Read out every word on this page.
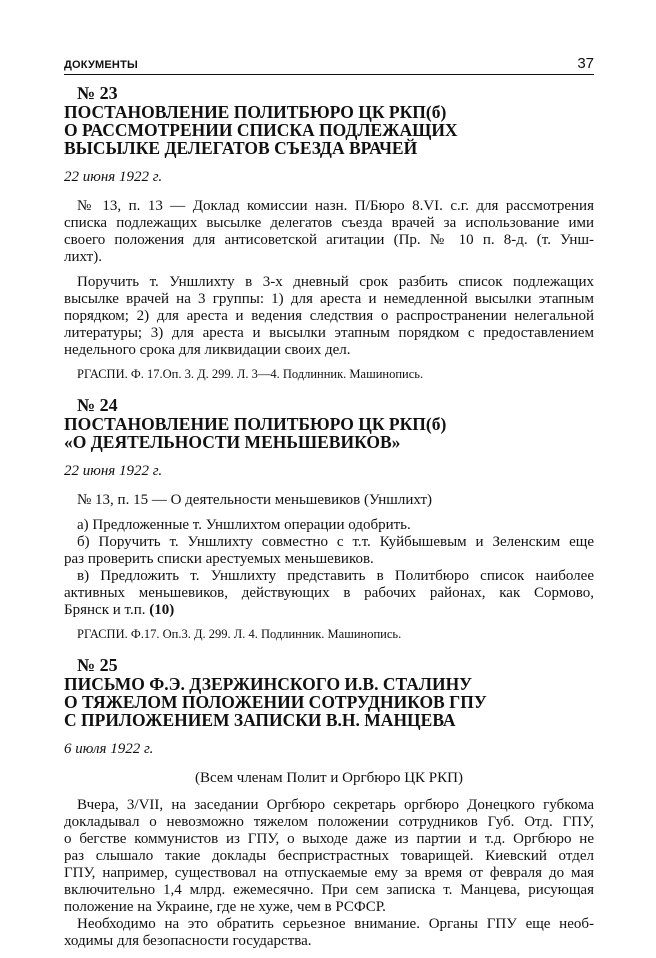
ДОКУМЕНТЫ	37
№ 23
ПОСТАНОВЛЕНИЕ ПОЛИТБЮРО ЦК РКП(б)
О РАССМОТРЕНИИ СПИСКА ПОДЛЕЖАЩИХ
ВЫСЫЛКЕ ДЕЛЕГАТОВ СЪЕЗДА ВРАЧЕЙ
22 июня 1922 г.
№ 13, п. 13 — Доклад комиссии назн. П/Бюро 8.VI. с.г. для рассмотрения
списка подлежащих высылке делегатов съезда врачей за использование ими
своего положения для антисоветской агитации (Пр. № 10 п. 8-д. (т. Унш-
лихт).
Поручить т. Уншлихту в 3-х дневный срок разбить список подлежащих
высылке врачей на 3 группы: 1) для ареста и немедленной высылки этапным
порядком; 2) для ареста и ведения следствия о распространении нелегальной
литературы; 3) для ареста и высылки этапным порядком с предоставлением
недельного срока для ликвидации своих дел.
РГАСПИ. Ф. 17.Оп. 3. Д. 299. Л. 3—4. Подлинник. Машинопись.
№ 24
ПОСТАНОВЛЕНИЕ ПОЛИТБЮРО ЦК РКП(б)
«О ДЕЯТЕЛЬНОСТИ МЕНЬШЕВИКОВ»
22 июня 1922 г.
№ 13, п. 15 — О деятельности меньшевиков (Уншлихт)
а) Предложенные т. Уншлихтом операции одобрить.
б) Поручить т. Уншлихту совместно с т.т. Куйбышевым и Зеленским еще
раз проверить списки арестуемых меньшевиков.
в) Предложить т. Уншлихту представить в Политбюро список наиболее
активных меньшевиков, действующих в рабочих районах, как Сормово,
Брянск и т.п. (10)
РГАСПИ. Ф.17. Оп.3. Д. 299. Л. 4. Подлинник. Машинопись.
№ 25
ПИСЬМО Ф.Э. ДЗЕРЖИНСКОГО И.В. СТАЛИНУ
О ТЯЖЕЛОМ ПОЛОЖЕНИИ СОТРУДНИКОВ ГПУ
С ПРИЛОЖЕНИЕМ ЗАПИСКИ В.Н. МАНЦЕВА
6 июля 1922 г.
(Всем членам Полит и Оргбюро ЦК РКП)
Вчера, 3/VII, на заседании Оргбюро секретарь оргбюро Донецкого губкома
докладывал о невозможно тяжелом положении сотрудников Губ. Отд. ГПУ,
о бегстве коммунистов из ГПУ, о выходе даже из партии и т.д. Оргбюро не
раз слышало такие доклады беспристрастных товарищей. Киевский отдел
ГПУ, например, существовал на отпускаемые ему за время от февраля до мая
включительно 1,4 млрд. ежемесячно. При сем записка т. Манцева, рисующая
положение на Украине, где не хуже, чем в РСФСР.
Необходимо на это обратить серьезное внимание. Органы ГПУ еще необ-
ходимы для безопасности государства.
